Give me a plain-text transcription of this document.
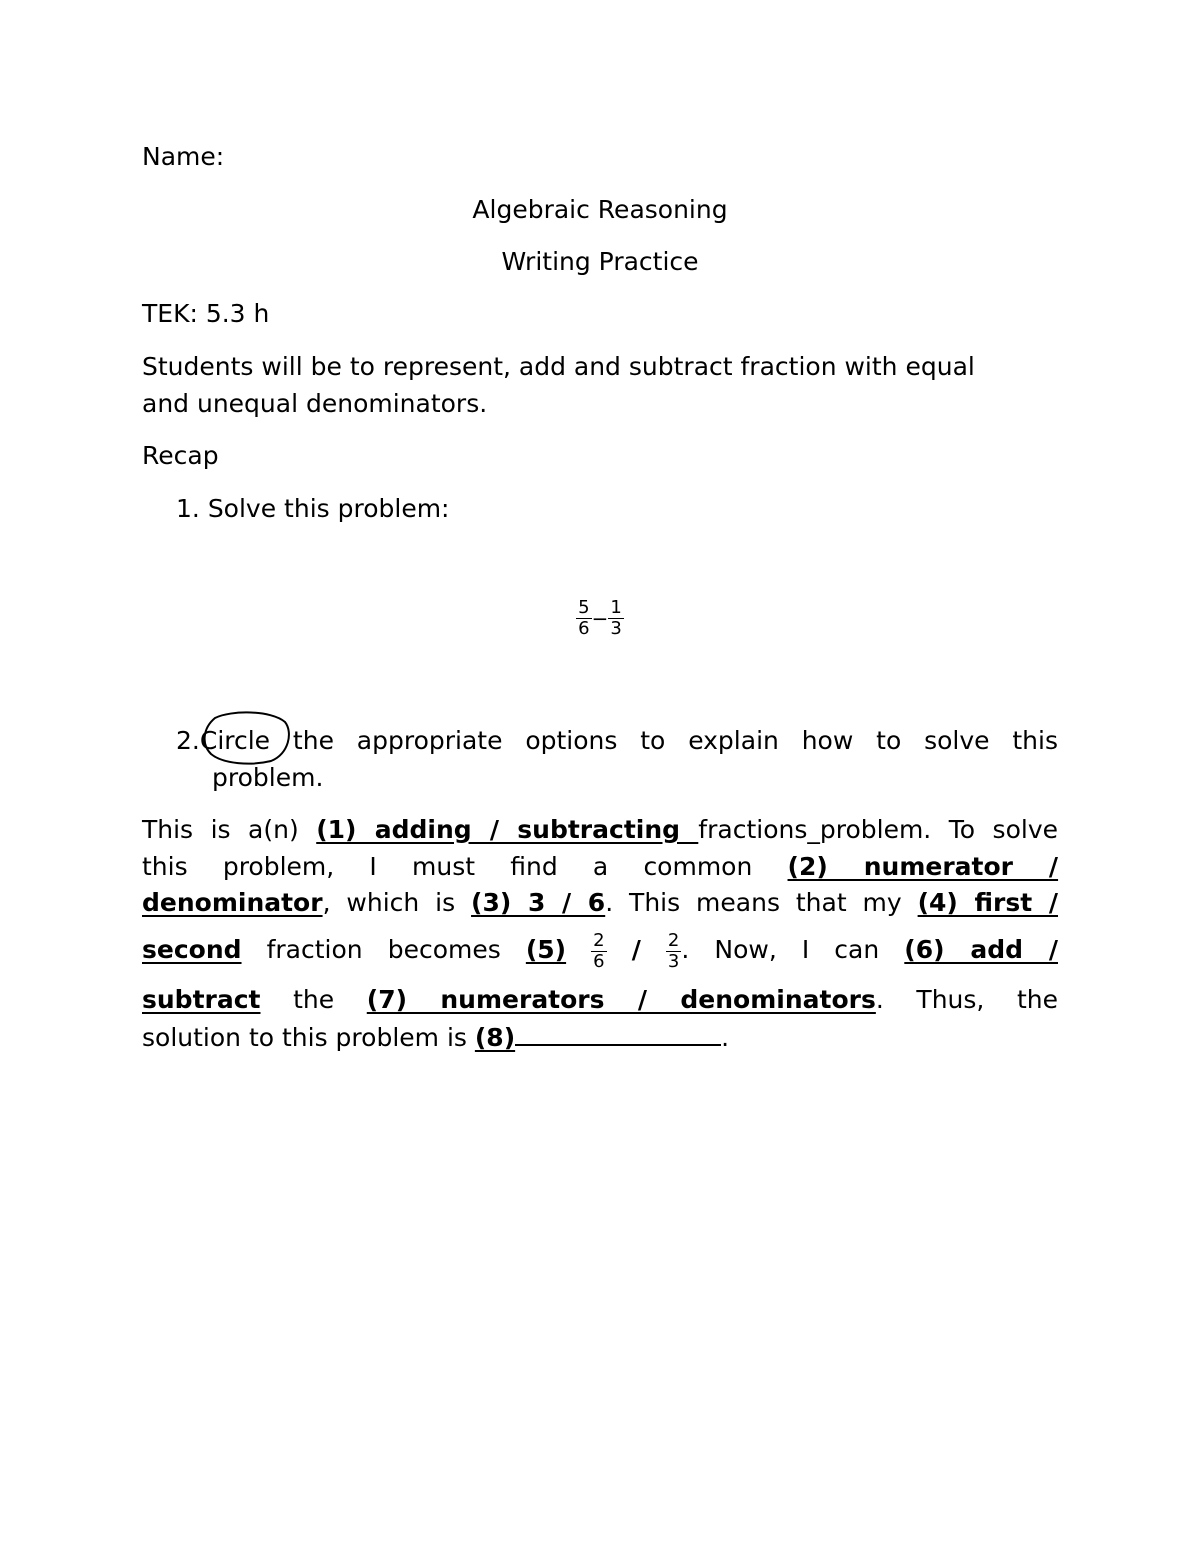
Name:
Algebraic Reasoning
Writing Practice
TEK: 5.3 h
Students will be to represent, add and subtract fraction with equal
and unequal denominators.
Recap
1. Solve this problem:
$\frac{5}{6} - \frac{1}{3}$
2.Circle the appropriate options to explain how to solve this
problem.
This is a(n) (1) adding / subtracting fractions_problem. To solve
this problem, I must find a common (2) numerator /
denominator, which is (3) 3 / 6. This means that my (4) first /
second fraction becomes $(5) \frac{2}{6} / \frac{2}{3}$ . Now, I can (6) add /
subtract the (7) numerators / denominators. Thus, the
solution to this problem is (8)	.
